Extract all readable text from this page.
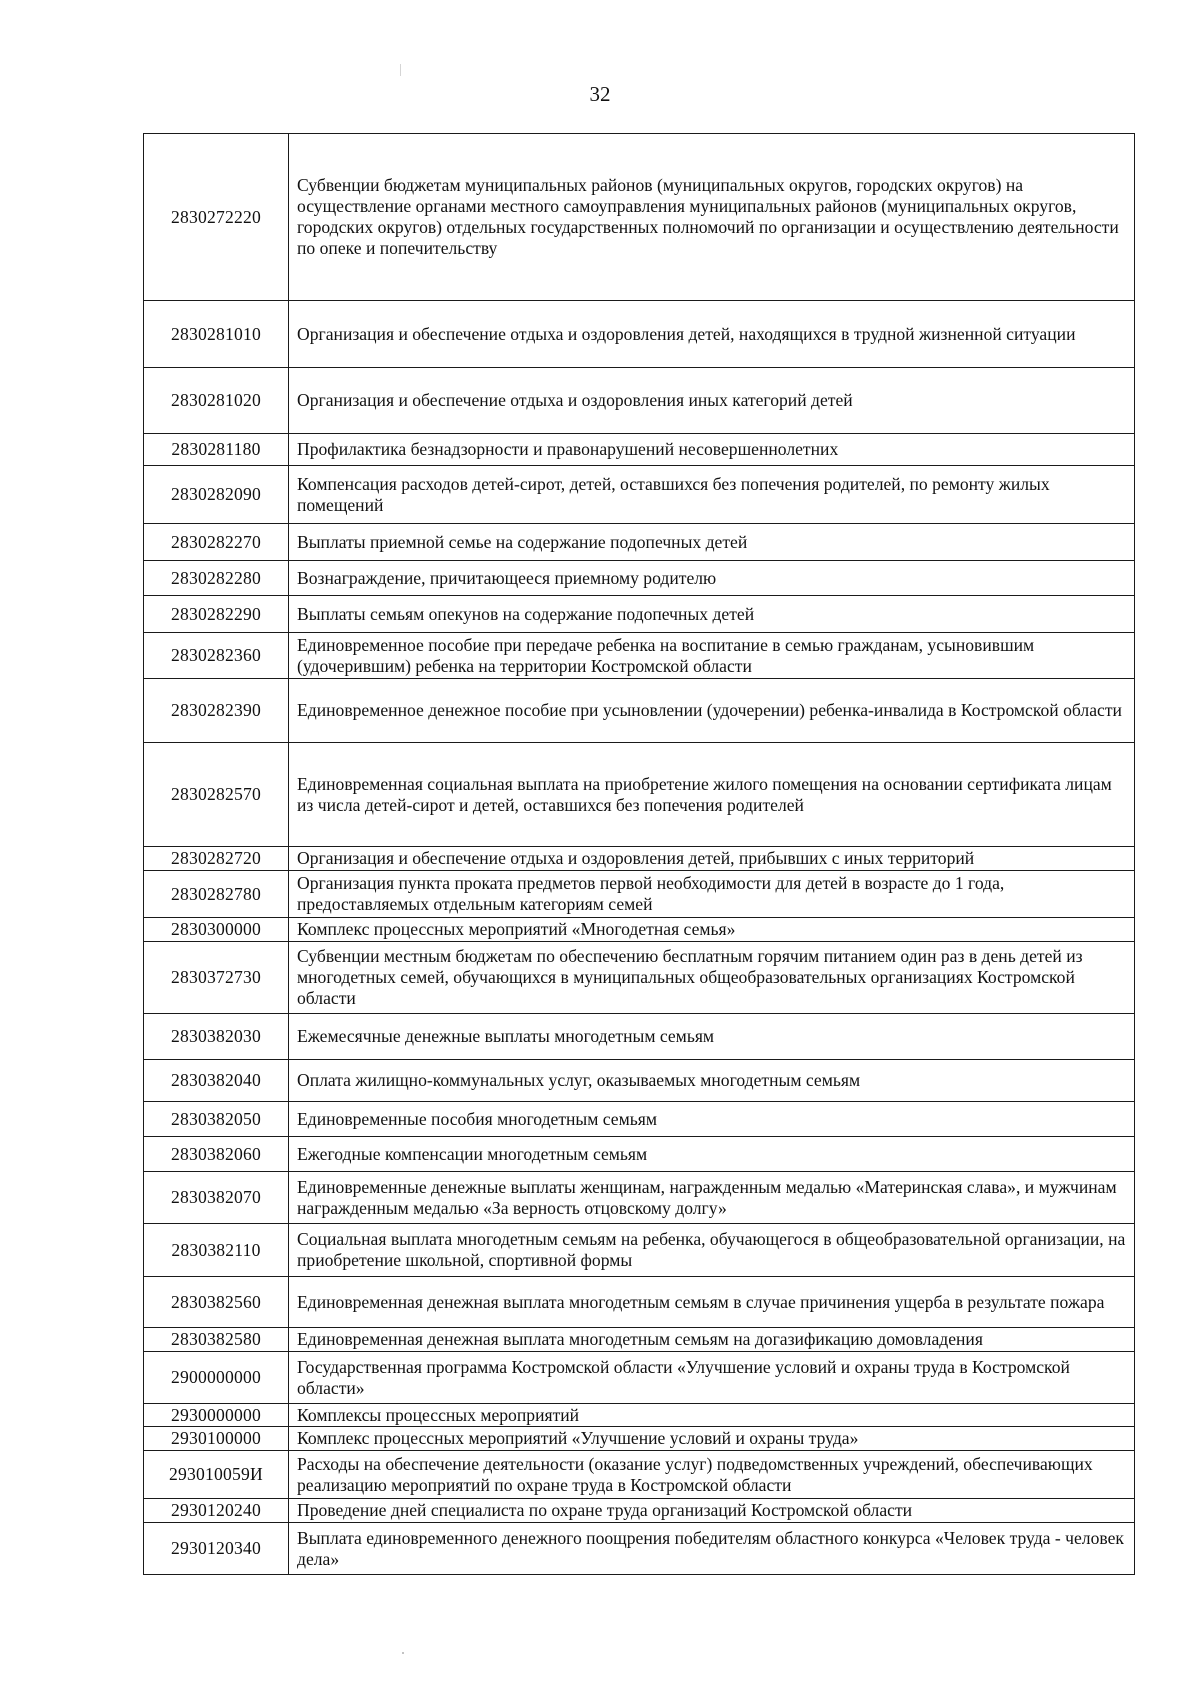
32
2830272220	Субвенции бюджетам муниципальных районов (муниципальных округов, городских округов) на осуществление органами местного самоуправления муниципальных районов (муниципальных округов, городских округов) отдельных государственных полномочий по организации и осуществлению деятельности по опеке и попечительству
2830281010	Организация и обеспечение отдыха и оздоровления детей, находящихся в трудной жизненной ситуации
2830281020	Организация и обеспечение отдыха и оздоровления иных категорий детей
2830281180	Профилактика безнадзорности и правонарушений несовершеннолетних
2830282090	Компенсация расходов детей-сирот, детей, оставшихся без попечения родителей, по ремонту жилых помещений
2830282270	Выплаты приемной семье на содержание подопечных детей
2830282280	Вознаграждение, причитающееся приемному родителю
2830282290	Выплаты семьям опекунов на содержание подопечных детей
2830282360	Единовременное пособие при передаче ребенка на воспитание в семью гражданам, усыновившим (удочерившим) ребенка на территории Костромской области
2830282390	Единовременное денежное пособие при усыновлении (удочерении) ребенка-инвалида в Костромской области
2830282570	Единовременная социальная выплата на приобретение жилого помещения на основании сертификата лицам из числа детей-сирот и детей, оставшихся без попечения родителей
2830282720	Организация и обеспечение отдыха и оздоровления детей, прибывших с иных территорий
2830282780	Организация пункта проката предметов первой необходимости для детей в возрасте до 1 года, предоставляемых отдельным категориям семей
2830300000	Комплекс процессных мероприятий «Многодетная семья»
2830372730	Субвенции местным бюджетам по обеспечению бесплатным горячим питанием один раз в день детей из многодетных семей, обучающихся в муниципальных общеобразовательных организациях Костромской области
2830382030	Ежемесячные денежные выплаты многодетным семьям
2830382040	Оплата жилищно-коммунальных услуг, оказываемых многодетным семьям
2830382050	Единовременные пособия многодетным семьям
2830382060	Ежегодные компенсации многодетным семьям
2830382070	Единовременные денежные выплаты женщинам, награжденным медалью «Материнская слава», и мужчинам награжденным медалью «За верность отцовскому долгу»
2830382110	Социальная выплата многодетным семьям на ребенка, обучающегося в общеобразовательной организации, на приобретение школьной, спортивной формы
2830382560	Единовременная денежная выплата многодетным семьям в случае причинения ущерба в результате пожара
2830382580	Единовременная денежная выплата многодетным семьям на догазификацию домовладения
2900000000	Государственная программа Костромской области «Улучшение условий и охраны труда в Костромской области»
2930000000	Комплексы процессных мероприятий
2930100000	Комплекс процессных мероприятий «Улучшение условий и охраны труда»
293010059И	Расходы на обеспечение деятельности (оказание услуг) подведомственных учреждений, обеспечивающих реализацию мероприятий по охране труда в Костромской области
2930120240	Проведение дней специалиста по охране труда организаций Костромской области
2930120340	Выплата единовременного денежного поощрения победителям областного конкурса «Человек труда - человек дела»
